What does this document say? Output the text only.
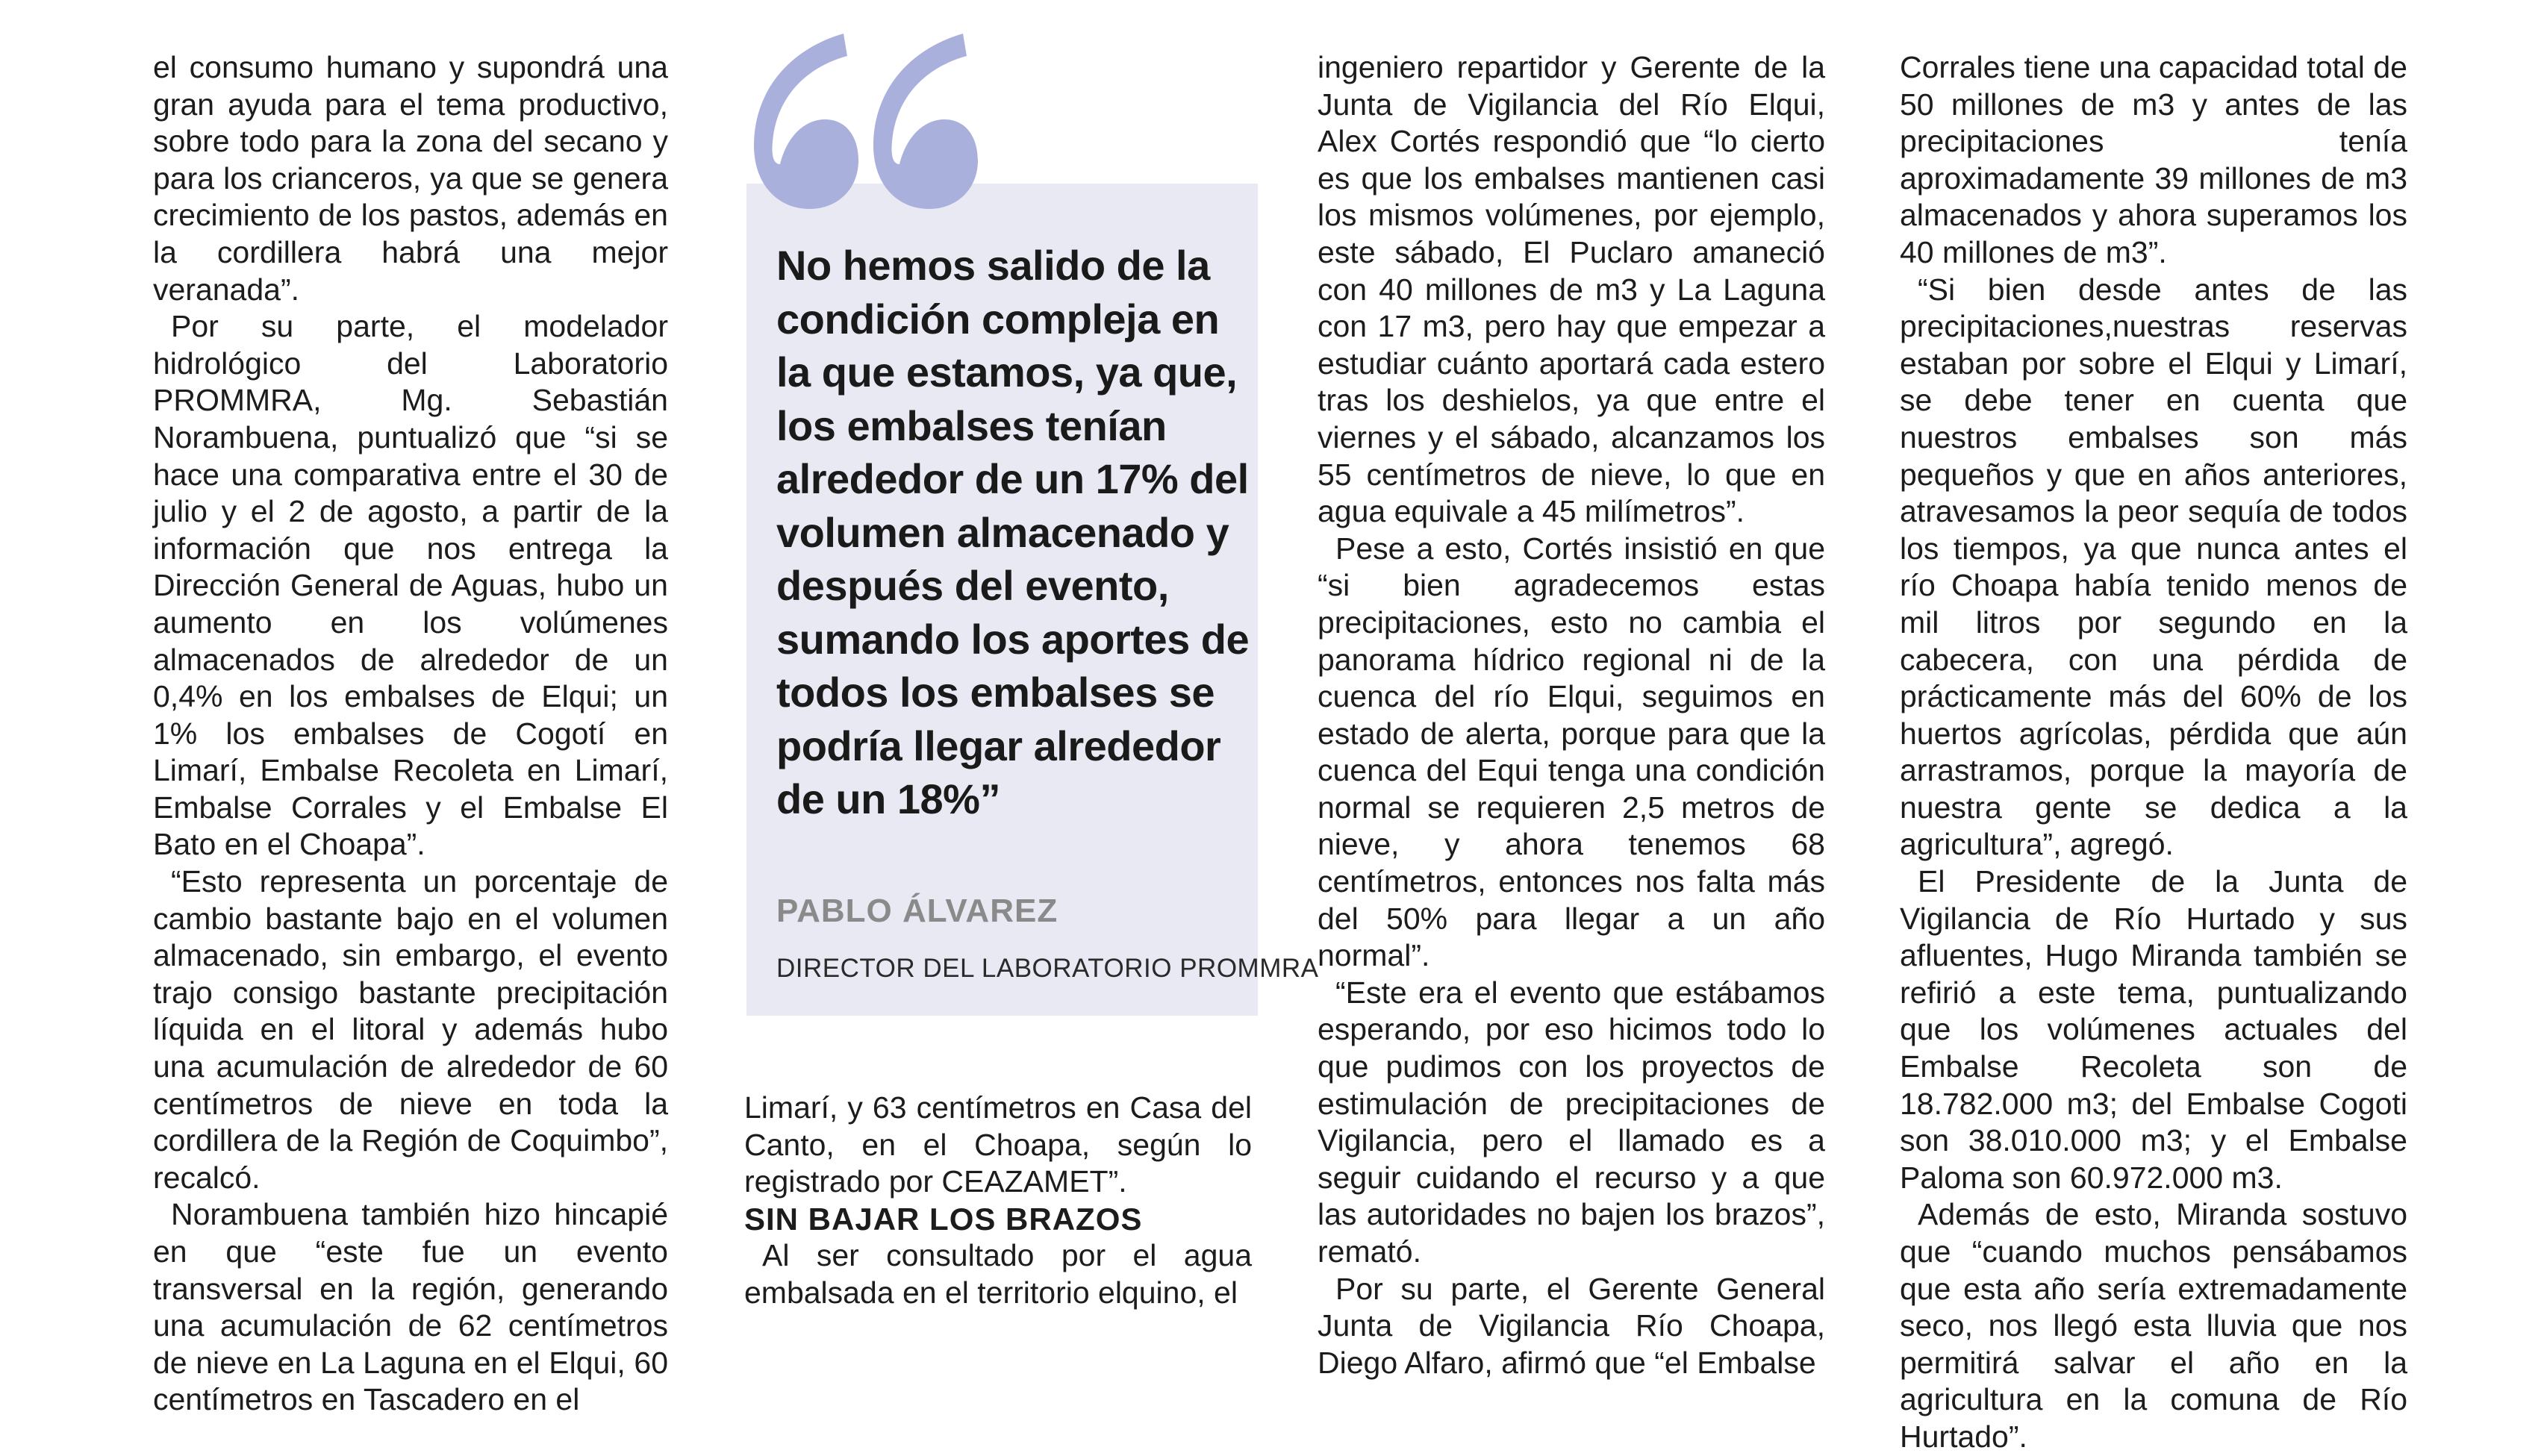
el consumo humano y supondrá una gran ayuda para el tema productivo, sobre todo para la zona del secano y para los crianceros, ya que se genera crecimiento de los pastos, además en la cordillera habrá una mejor veranada”.

Por su parte, el modelador hidrológico del Laboratorio PROMMRA, Mg. Sebastián Norambuena, puntualizó que “si se hace una comparativa entre el 30 de julio y el 2 de agosto, a partir de la información que nos entrega la Dirección General de Aguas, hubo un aumento en los volúmenes almacenados de alrededor de un 0,4% en los embalses de Elqui; un 1% los embalses de Cogotí en Limarí, Embalse Recoleta en Limarí, Embalse Corrales y el Embalse El Bato en el Choapa”.

“Esto representa un porcentaje de cambio bastante bajo en el volumen almacenado, sin embargo, el evento trajo consigo bastante precipitación líquida en el litoral y además hubo una acumulación de alrededor de 60 centímetros de nieve en toda la cordillera de la Región de Coquimbo”, recalcó.

Norambuena también hizo hincapié en que “este fue un evento transversal en la región, generando una acumulación de 62 centímetros de nieve en La Laguna en el Elqui, 60 centímetros en Tascadero en el

No hemos salido de la condición compleja en la que estamos, ya que, los embalses tenían alrededor de un 17% del volumen almacenado y después del evento, sumando los aportes de todos los embalses se podría llegar alrededor de un 18%”

PABLO ÁLVAREZ
DIRECTOR DEL LABORATORIO PROMMRA

Limarí, y 63 centímetros en Casa del Canto, en el Choapa, según lo registrado por CEAZAMET”.

SIN BAJAR LOS BRAZOS

Al ser consultado por el agua embalsada en el territorio elquino, el

ingeniero repartidor y Gerente de la Junta de Vigilancia del Río Elqui, Alex Cortés respondió que “lo cierto es que los embalses mantienen casi los mismos volúmenes, por ejemplo, este sábado, El Puclaro amaneció con 40 millones de m3 y La Laguna con 17 m3, pero hay que empezar a estudiar cuánto aportará cada estero tras los deshielos, ya que entre el viernes y el sábado, alcanzamos los 55 centímetros de nieve, lo que en agua equivale a 45 milímetros”.

Pese a esto, Cortés insistió en que “si bien agradecemos estas precipitaciones, esto no cambia el panorama hídrico regional ni de la cuenca del río Elqui, seguimos en estado de alerta, porque para que la cuenca del Equi tenga una condición normal se requieren 2,5 metros de nieve, y ahora tenemos 68 centímetros, entonces nos falta más del 50% para llegar a un año normal”.

“Este era el evento que estábamos esperando, por eso hicimos todo lo que pudimos con los proyectos de estimulación de precipitaciones de Vigilancia, pero el llamado es a seguir cuidando el recurso y a que las autoridades no bajen los brazos”, remató.

Por su parte, el Gerente General Junta de Vigilancia Río Choapa, Diego Alfaro, afirmó que “el Embalse

Corrales tiene una capacidad total de 50 millones de m3 y antes de las precipitaciones tenía aproximadamente 39 millones de m3 almacenados y ahora superamos los 40 millones de m3”.

“Si bien desde antes de las precipitaciones,nuestras reservas estaban por sobre el Elqui y Limarí, se debe tener en cuenta que nuestros embalses son más pequeños y que en años anteriores, atravesamos la peor sequía de todos los tiempos, ya que nunca antes el río Choapa había tenido menos de mil litros por segundo en la cabecera, con una pérdida de prácticamente más del 60% de los huertos agrícolas, pérdida que aún arrastramos, porque la mayoría de nuestra gente se dedica a la agricultura”, agregó.

El Presidente de la Junta de Vigilancia de Río Hurtado y sus afluentes, Hugo Miranda también se refirió a este tema, puntualizando que los volúmenes actuales del Embalse Recoleta son de 18.782.000 m3; del Embalse Cogoti son 38.010.000 m3; y el Embalse Paloma son 60.972.000 m3.

Además de esto, Miranda sostuvo que “cuando muchos pensábamos que esta año sería extremadamente seco, nos llegó esta lluvia que nos permitirá salvar el año en la agricultura en la comuna de Río Hurtado”.
